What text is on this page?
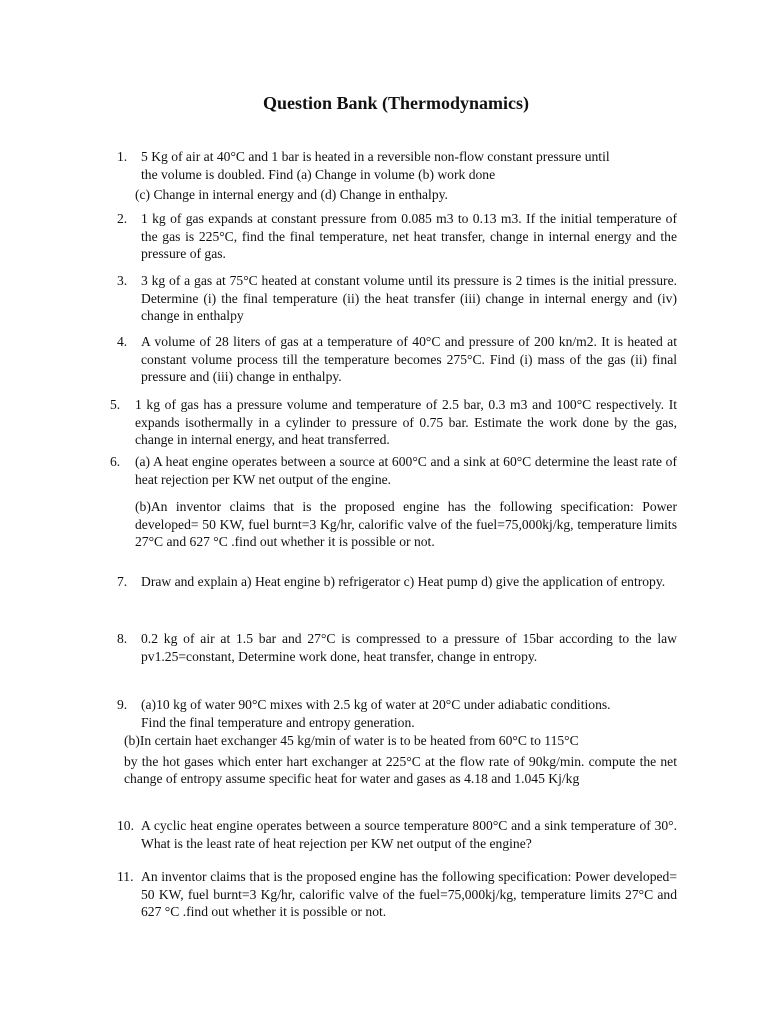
Question Bank (Thermodynamics)
1. 5 Kg of air at 40°C and 1 bar is heated in a reversible non-flow constant pressure until

the volume is doubled. Find (a) Change in volume (b) work done

(c) Change in internal energy and (d) Change in enthalpy.

2. 1 kg of gas expands at constant pressure from 0.085 m3 to 0.13 m3. If the initial temperature of the gas is 225°C, find the final temperature, net heat transfer, change in internal energy and the pressure of gas.
3. 3 kg of a gas at 75°C heated at constant volume until its pressure is 2 times is the initial pressure. Determine (i) the final temperature (ii) the heat transfer (iii) change in internal energy and (iv) change in enthalpy
4. A volume of 28 liters of gas at a temperature of 40°C and pressure of 200 kn/m2. It is heated at constant volume process till the temperature becomes 275°C. Find (i) mass of the gas (ii) final pressure and (iii) change in enthalpy.
5. 1 kg of gas has a pressure volume and temperature of 2.5 bar, 0.3 m3 and 100°C respectively. It expands isothermally in a cylinder to pressure of 0.75 bar. Estimate the work done by the gas, change in internal energy, and heat transferred.
6. (a) A heat engine operates between a source at 600°C and a sink at 60°C determine the least rate of heat rejection per KW net output of the engine.

(b)An inventor claims that is the proposed engine has the following specification: Power developed= 50 KW, fuel burnt=3 Kg/hr, calorific valve of the fuel=75,000kj/kg, temperature limits 27°C and 627 °C .find out whether it is possible or not.

7. Draw and explain a) Heat engine b) refrigerator c) Heat pump d) give the application of entropy.
8. 0.2 kg of air at 1.5 bar and 27°C is compressed to a pressure of 15bar according to the law pv1.25=constant, Determine work done, heat transfer, change in entropy.
9. (a)10 kg of water 90°C mixes with 2.5 kg of water at 20°C under adiabatic conditions.

Find the final temperature and entropy generation.

(b)In certain haet exchanger 45 kg/min of water is to be heated from 60°C to 115°C

by the hot gases which enter hart exchanger at 225°C at the flow rate of 90kg/min. compute the net change of entropy assume specific heat for water and gases as 4.18 and 1.045 Kj/kg

10. A cyclic heat engine operates between a source temperature 800°C and a sink temperature of 30°. What is the least rate of heat rejection per KW net output of the engine?
11. An inventor claims that is the proposed engine has the following specification: Power developed= 50 KW, fuel burnt=3 Kg/hr, calorific valve of the fuel=75,000kj/kg, temperature limits 27°C and 627 °C .find out whether it is possible or not.
